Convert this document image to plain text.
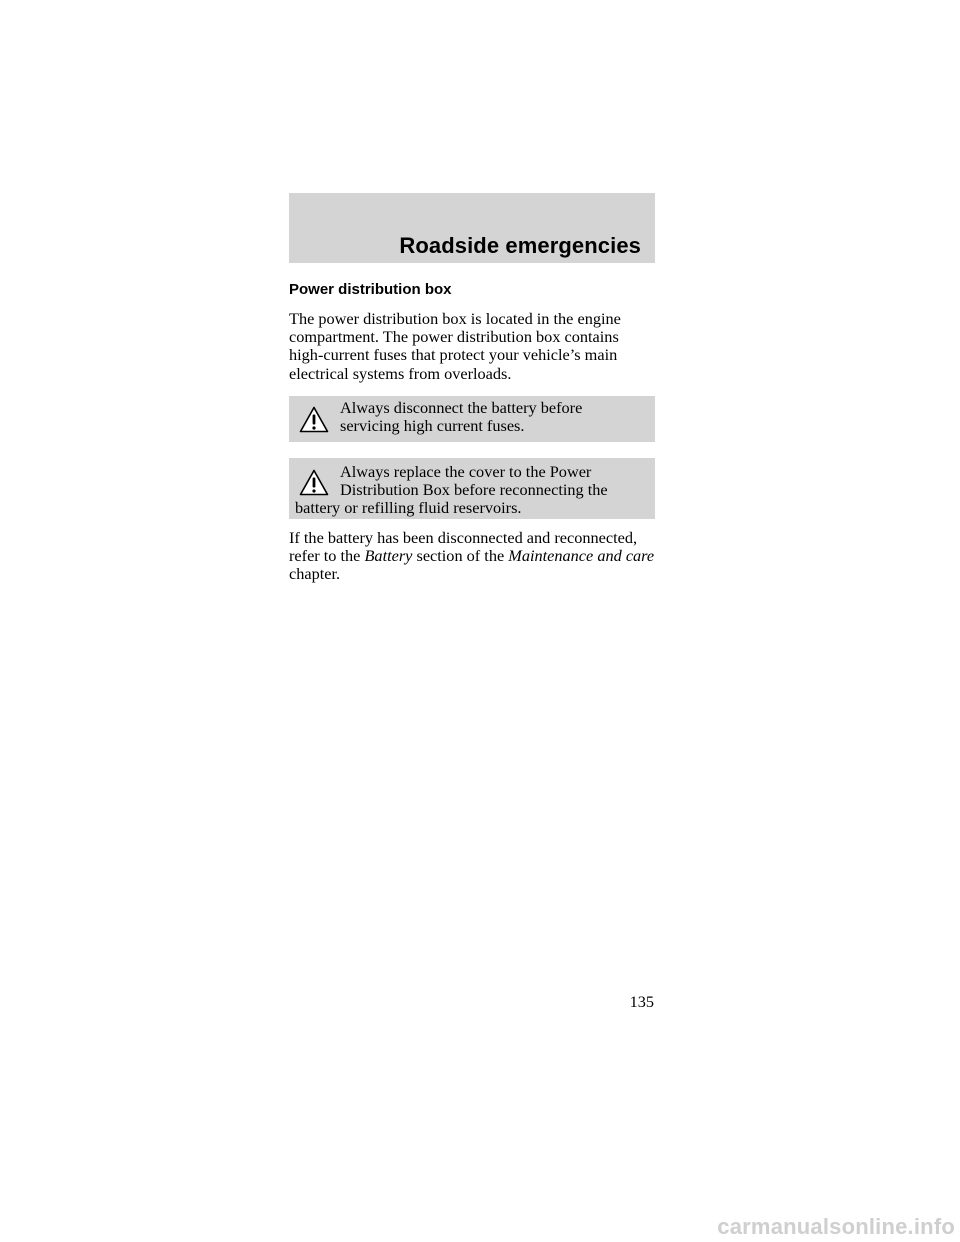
Roadside emergencies
Power distribution box

The power distribution box is located in the engine compartment. The power distribution box contains high-current fuses that protect your vehicle’s main electrical systems from overloads.

Always disconnect the battery before
servicing high current fuses.

Always replace the cover to the Power
Distribution Box before reconnecting the
battery or refilling fluid reservoirs.

If the battery has been disconnected and reconnected, refer to the Battery section of the Maintenance and care chapter.

135

carmanualsonline.info
